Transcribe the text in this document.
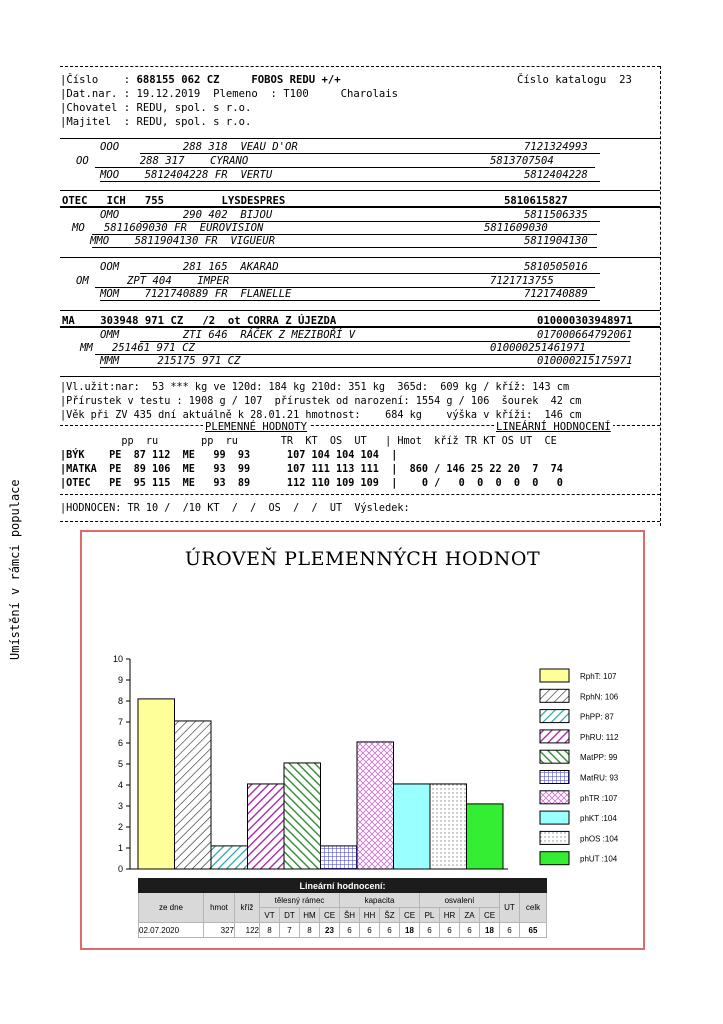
|Číslo    : 688155 062 CZ	FOBOS REDU +/+	Číslo katalogu 23
|Dat.nar. : 19.12.2019  Plemeno  : T100     Charolais
|Chovatel : REDU, spol. s r.o.
|Majitel  : REDU, spol. s r.o.
OOO	288 318 VEAU D'OR	7121324993
OO	288 317 CYRANO	5813707504
MOO 5812404228 FR VERTU	5812404228
OTEC ICH   755	LYSDESPRES	5810615827
OMO	290 402 BIJOU	5811506335
MO 5811609030 FR EUROVISION	5811609030
MMO 5811904130 FR VIGUEUR	5811904130
OOM	281 165 AKARAD	5810505016
OM	ZPT 404 IMPER	7121713755
MOM 7121740889 FR FLANELLE	7121740889
MA 303948 971 CZ   /2  ot CORRA Z ÚJEZDA	010000303948971
OMM	ZTI 646 RÁČEK Z MEZIBOŘÍ V	017000664792061
MM 251461 971 CZ	010000251461971
MMM	215175 971 CZ	010000215175971
|Vl.užit:nar:  53 *** kg ve 120d: 184 kg 210d: 351 kg  365d:  609 kg / kříž: 143 cm
|Přírustek v testu : 1908 g / 107  přírustek od narození: 1554 g / 106  šourek  42 cm
|Věk při ZV 435 dní aktuálně k 28.01.21 hmotnost:    684 kg    výška v kříži:  146 cm
PLEMENNÉ HODNOTY	LINEÁRNÍ HODNOCENÍ
pp  ru       pp  ru       TR  KT  OS  UT   | Hmot  kříž TR KT OS UT  CE
|BÝK    PE  87 112  ME   99  93      107 104 104 104  |
|MATKA  PE  89 106  ME   93  99      107 111 113 111  |  860 / 146 25 22 20  7  74
|OTEC   PE  95 115  ME   93  89      112 110 109 109  |    0 /   0  0  0  0  0   0
|HODNOCEN: TR 10 /  /10 KT  /  /  OS  /  /  UT  Výsledek:
ÚROVEŇ PLEMENNÝCH HODNOT
Umístění v rámci populace
0
1
2
3
4
5
6
7
8
9
10
RphT: 107
RphN: 106
PhPP: 87
PhRU: 112
MatPP: 99
MatRU: 93
phTR :107
phKT :104
phOS :104
phUT :104
Lineární hodnocení:																
ze dne	hmot	kříž	tělesný rámec				kapacita				osvalení				UT	celk
			VT	DT	HM	CE	ŠH	HH	ŠZ	CE	PL	HR	ZA	CE		
02.07.2020	327	122	8	7	8	23	6	6	6	18	6	6	6	18	6	65
